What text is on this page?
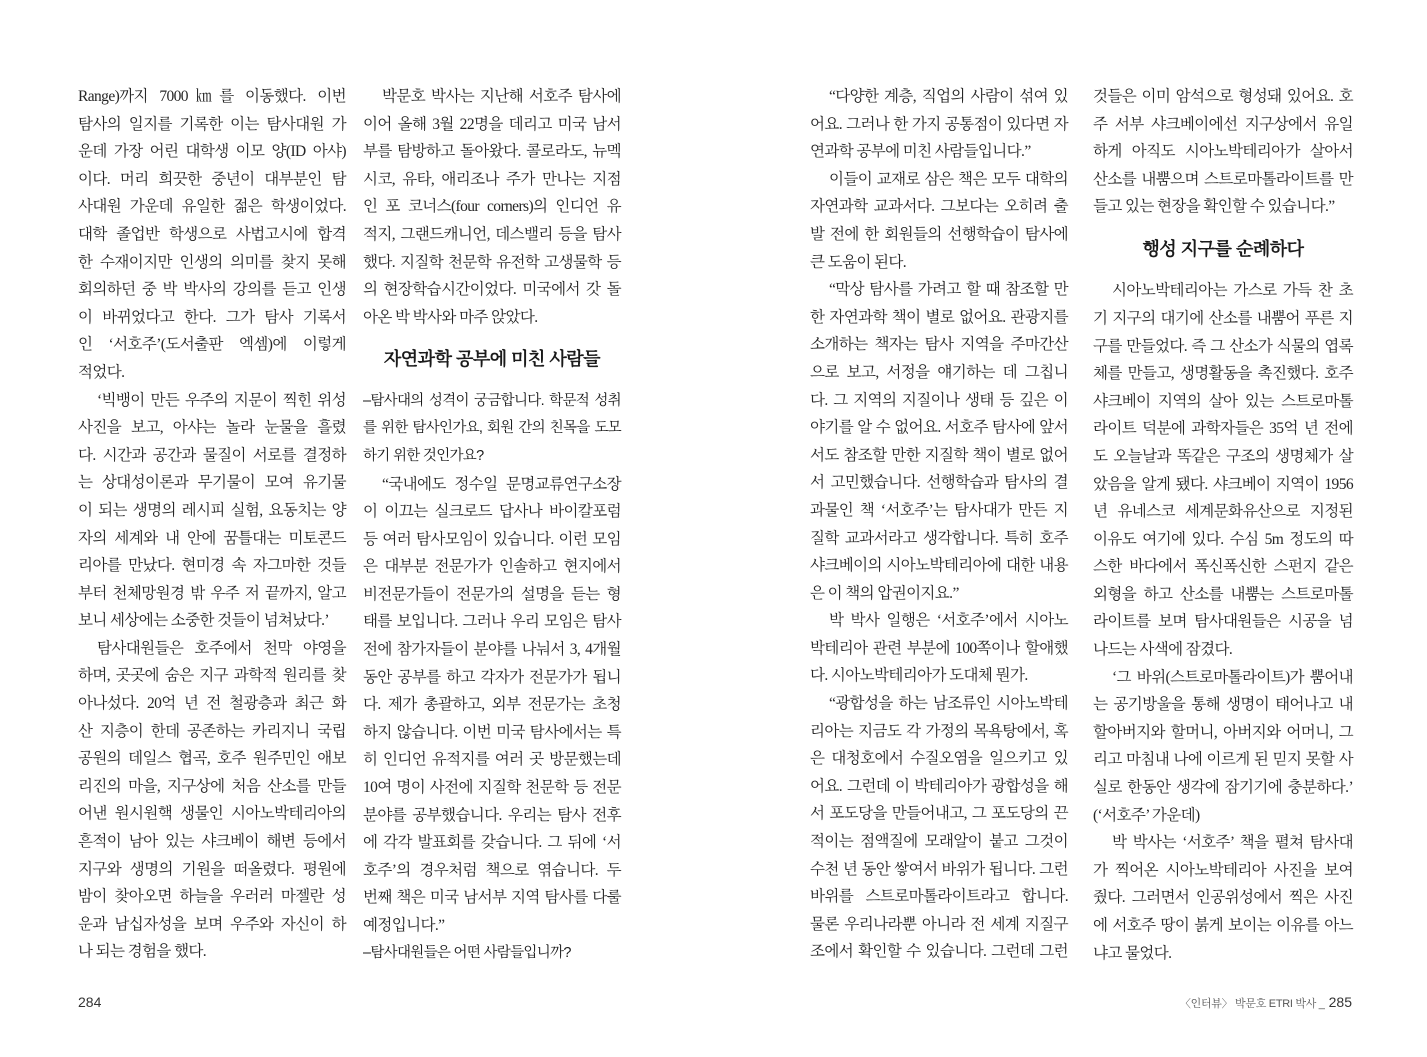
Range)까지 7000㎞를 이동했다. 이번
탐사의 일지를 기록한 이는 탐사대원 가
운데 가장 어린 대학생 이모 양(ID 아샤)
이다. 머리 희끗한 중년이 대부분인 탐
사대원 가운데 유일한 젊은 학생이었다.
대학 졸업반 학생으로 사법고시에 합격
한 수재이지만 인생의 의미를 찾지 못해
회의하던 중 박 박사의 강의를 듣고 인생
이 바뀌었다고 한다. 그가 탐사 기록서
인 ‘서호주’(도서출판 엑셈)에 이렇게
적었다.
‘빅뱅이 만든 우주의 지문이 찍힌 위성
사진을 보고, 아샤는 놀라 눈물을 흘렸
다. 시간과 공간과 물질이 서로를 결정하
는 상대성이론과 무기물이 모여 유기물
이 되는 생명의 레시피 실험, 요동치는 양
자의 세계와 내 안에 꿈틀대는 미토콘드
리아를 만났다. 현미경 속 자그마한 것들
부터 천체망원경 밖 우주 저 끝까지, 알고
보니 세상에는 소중한 것들이 넘쳐났다.’
탐사대원들은 호주에서 천막 야영을
하며, 곳곳에 숨은 지구 과학적 원리를 찾
아나섰다. 20억 년 전 철광층과 최근 화
산 지층이 한데 공존하는 카리지니 국립
공원의 데일스 협곡, 호주 원주민인 애보
리진의 마을, 지구상에 처음 산소를 만들
어낸 원시원핵 생물인 시아노박테리아의
흔적이 남아 있는 샤크베이 해변 등에서
지구와 생명의 기원을 떠올렸다. 평원에
밤이 찾아오면 하늘을 우러러 마젤란 성
운과 남십자성을 보며 우주와 자신이 하
나 되는 경험을 했다.
박문호 박사는 지난해 서호주 탐사에
이어 올해 3월 22명을 데리고 미국 남서
부를 탐방하고 돌아왔다. 콜로라도, 뉴멕
시코, 유타, 애리조나 주가 만나는 지점
인 포 코너스(four corners)의 인디언 유
적지, 그랜드캐니언, 데스밸리 등을 탐사
했다. 지질학 천문학 유전학 고생물학 등
의 현장학습시간이었다. 미국에서 갓 돌
아온 박 박사와 마주 앉았다.
자연과학 공부에 미친 사람들
–탐사대의 성격이 궁금합니다. 학문적 성취
를 위한 탐사인가요, 회원 간의 친목을 도모
하기 위한 것인가요?
“국내에도 정수일 문명교류연구소장
이 이끄는 실크로드 답사나 바이칼포럼
등 여러 탐사모임이 있습니다. 이런 모임
은 대부분 전문가가 인솔하고 현지에서
비전문가들이 전문가의 설명을 듣는 형
태를 보입니다. 그러나 우리 모임은 탐사
전에 참가자들이 분야를 나눠서 3, 4개월
동안 공부를 하고 각자가 전문가가 됩니
다. 제가 총괄하고, 외부 전문가는 초청
하지 않습니다. 이번 미국 탐사에서는 특
히 인디언 유적지를 여러 곳 방문했는데
10여 명이 사전에 지질학 천문학 등 전문
분야를 공부했습니다. 우리는 탐사 전후
에 각각 발표회를 갖습니다. 그 뒤에 ‘서
호주’의 경우처럼 책으로 엮습니다. 두
번째 책은 미국 남서부 지역 탐사를 다룰
예정입니다.”
–탐사대원들은 어떤 사람들입니까?
284
“다양한 계층, 직업의 사람이 섞여 있
어요. 그러나 한 가지 공통점이 있다면 자
연과학 공부에 미친 사람들입니다.”
이들이 교재로 삼은 책은 모두 대학의
자연과학 교과서다. 그보다는 오히려 출
발 전에 한 회원들의 선행학습이 탐사에
큰 도움이 된다.
“막상 탐사를 가려고 할 때 참조할 만
한 자연과학 책이 별로 없어요. 관광지를
소개하는 책자는 탐사 지역을 주마간산
으로 보고, 서정을 얘기하는 데 그칩니
다. 그 지역의 지질이나 생태 등 깊은 이
야기를 알 수 없어요. 서호주 탐사에 앞서
서도 참조할 만한 지질학 책이 별로 없어
서 고민했습니다. 선행학습과 탐사의 결
과물인 책 ‘서호주’는 탐사대가 만든 지
질학 교과서라고 생각합니다. 특히 호주
샤크베이의 시아노박테리아에 대한 내용
은 이 책의 압권이지요.”
박 박사 일행은 ‘서호주’에서 시아노
박테리아 관련 부분에 100쪽이나 할애했
다. 시아노박테리아가 도대체 뭔가.
“광합성을 하는 남조류인 시아노박테
리아는 지금도 각 가정의 목욕탕에서, 혹
은 대청호에서 수질오염을 일으키고 있
어요. 그런데 이 박테리아가 광합성을 해
서 포도당을 만들어내고, 그 포도당의 끈
적이는 점액질에 모래알이 붙고 그것이
수천 년 동안 쌓여서 바위가 됩니다. 그런
바위를 스트로마톨라이트라고 합니다.
물론 우리나라뿐 아니라 전 세계 지질구
조에서 확인할 수 있습니다. 그런데 그런
것들은 이미 암석으로 형성돼 있어요. 호
주 서부 샤크베이에선 지구상에서 유일
하게 아직도 시아노박테리아가 살아서
산소를 내뿜으며 스트로마톨라이트를 만
들고 있는 현장을 확인할 수 있습니다.”
행성 지구를 순례하다
시아노박테리아는 가스로 가득 찬 초
기 지구의 대기에 산소를 내뿜어 푸른 지
구를 만들었다. 즉 그 산소가 식물의 엽록
체를 만들고, 생명활동을 촉진했다. 호주
샤크베이 지역의 살아 있는 스트로마톨
라이트 덕분에 과학자들은 35억 년 전에
도 오늘날과 똑같은 구조의 생명체가 살
았음을 알게 됐다. 샤크베이 지역이 1956
년 유네스코 세계문화유산으로 지정된
이유도 여기에 있다. 수심 5m 정도의 따
스한 바다에서 폭신폭신한 스펀지 같은
외형을 하고 산소를 내뿜는 스트로마톨
라이트를 보며 탐사대원들은 시공을 넘
나드는 사색에 잠겼다.
‘그 바위(스트로마톨라이트)가 뿜어내
는 공기방울을 통해 생명이 태어나고 내
할아버지와 할머니, 아버지와 어머니, 그
리고 마침내 나에 이르게 된 믿지 못할 사
실로 한동안 생각에 잠기기에 충분하다.’
(‘서호주’ 가운데)
박 박사는 ‘서호주’ 책을 펼쳐 탐사대
가 찍어온 시아노박테리아 사진을 보여
줬다. 그러면서 인공위성에서 찍은 사진
에 서호주 땅이 붉게 보이는 이유를 아느
냐고 물었다.
〈인터뷰〉 박문호 ETRI 박사 _ 285
